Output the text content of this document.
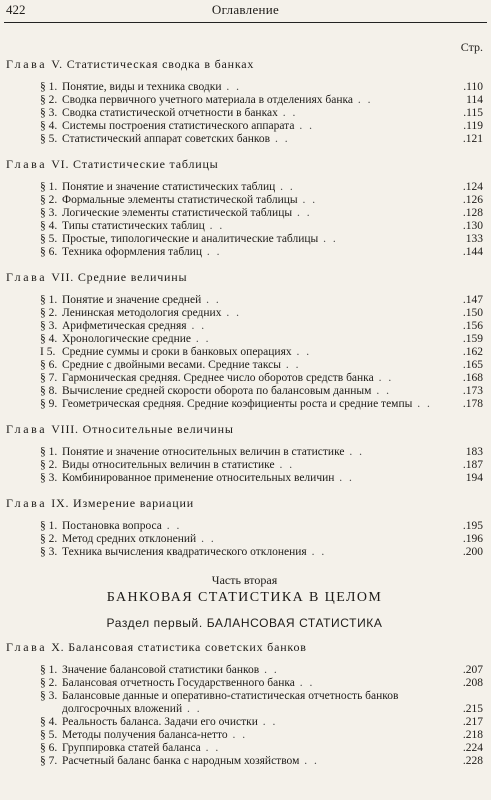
422	Оглавление
Стр.
Глава V. Статистическая сводка в банках
§ 1. Понятие, виды и техника сводки . .	.110
§ 2. Сводка первичного учетного материала в отделениях банка . .	114
§ 3. Сводка статистической отчетности в банках . .	.115
§ 4. Системы построения статистического аппарата . .	.119
§ 5. Статистический аппарат советских банков . .	.121
Глава VI. Статистические таблицы
§ 1. Понятие и значение статистических таблиц . .	.124
§ 2. Формальные элементы статистической таблицы . .	.126
§ 3. Логические элементы статистической таблицы . .	.128
§ 4. Типы статистических таблиц . .	.130
§ 5. Простые, типологические и аналитические таблицы . .	133
§ 6. Техника оформления таблиц . .	.144
Глава VII. Средние величины
§ 1. Понятие и значение средней . .	.147
§ 2. Ленинская методология средних . .	.150
§ 3. Арифметическая средняя . .	.156
§ 4. Хронологические средние . .	.159
I 5. Средние суммы и сроки в банковых операциях . .	.162
§ 6. Средние с двойными весами. Средние таксы . .	.165
§ 7. Гармоническая средняя. Среднее число оборотов средств банка . .	.168
§ 8. Вычисление средней скорости оборота по балансовым данным . .	.173
§ 9. Геометрическая средняя. Средние коэфициенты роста и средние темпы . .	.178
Глава VIII. Относительные величины
§ 1. Понятие и значение относительных величин в статистике . .	183
§ 2. Виды относительных величин в статистике . .	.187
§ 3. Комбинированное применение относительных величин . .	194
Глава IX. Измерение вариации
§ 1. Постановка вопроса . .	.195
§ 2. Метод средних отклонений . .	.196
§ 3. Техника вычисления квадратического отклонения . .	.200
Часть вторая
БАНКОВАЯ СТАТИСТИКА В ЦЕЛОМ
Раздел первый. БАЛАНСОВАЯ СТАТИСТИКА
Глава X. Балансовая статистика советских банков
§ 1. Значение балансовой статистики банков . .	.207
§ 2. Балансовая отчетность Государственного банка . .	.208
§ 3. Балансовые данные и оперативно-статистическая отчетность банков долгосрочных вложений . .	.215
§ 4. Реальность баланса. Задачи его очистки . .	.217
§ 5. Методы получения баланса-нетто . .	.218
§ 6. Группировка статей баланса . .	.224
§ 7. Расчетный баланс банка с народным хозяйством . .	.228
